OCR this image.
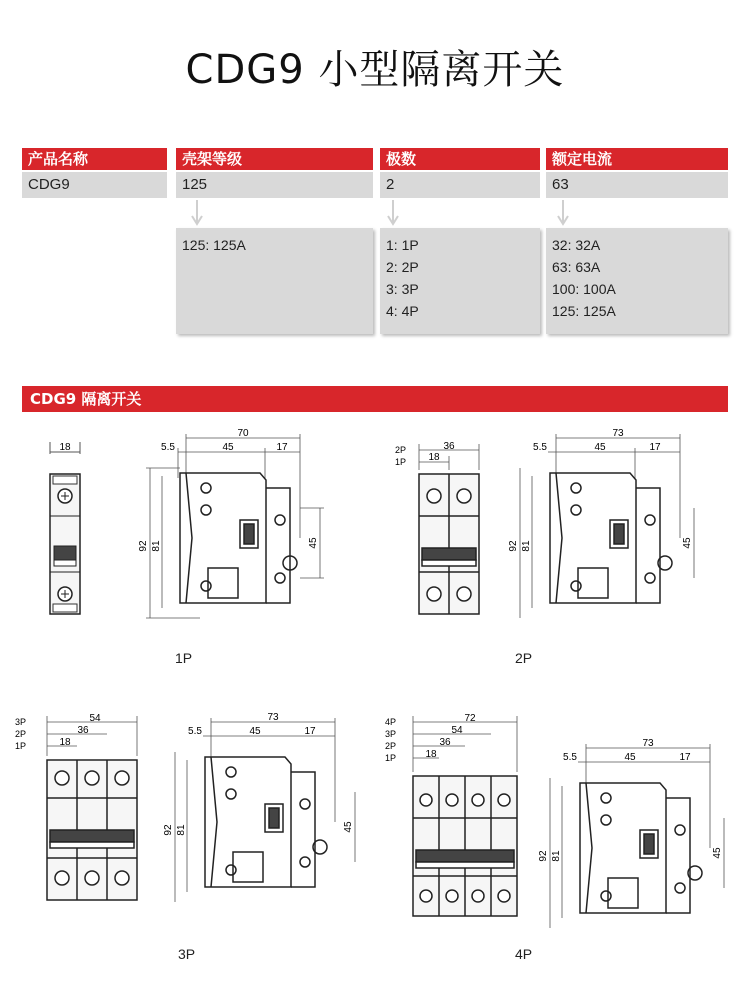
CDG9 小型隔离开关
产品名称	壳架等级	极数	额定电流
CDG9	125	2	63
125: 125A	1: 1P
2: 2P
3: 3P
4: 4P
32: 32A
63: 63A
100: 100A
125: 125A
CDG9 隔离开关
18
70
5.5	45	17
92 81	45
1P
2P
1P
36
18
73
5.5	45	17
92 81	45
2P
3P
2P
1P
54
36
18
73
5.5	45	17
92 81	45
3P
4P
3P
2P
1P
72
54
36
18
73
5.5	45	17
92 81	45
4P
